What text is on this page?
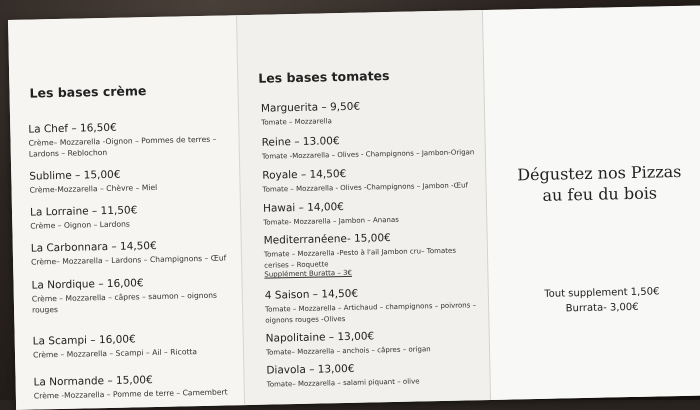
Les bases crème
La Chef – 16,50€
Crème– Mozzarella -Oignon – Pommes de terres – Lardons – Reblochon
Sublime – 15,00€
Crème-Mozzarella – Chèvre – Miel
La Lorraine – 11,50€
Crème – Oignon – Lardons
La Carbonnara – 14,50€
Crème– Mozzarella – Lardons – Champignons – Œuf
La Nordique – 16,00€
Crème – Mozzarella – câpres – saumon – oignons rouges
La Scampi – 16,00€
Crème – Mozzarella – Scampi – Ail – Ricotta
La Normande – 15,00€
Crème -Mozzarella – Pomme de terre – Camembert
Les bases tomates
Marguerita – 9,50€
Tomate – Mozzarella
Reine – 13.00€
Tomate -Mozzarella – Olives - Champignons – Jambon-Origan
Royale – 14,50€
Tomate – Mozzarella - Olives -Champignons – Jambon -Œuf
Hawai – 14,00€
Tomate- Mozzarella – Jambon – Ananas
Mediterranéene- 15,00€
Tomate – Mozzarella -Pesto à l'ail Jambon cru– Tomates cerises – Roquette
Supplément Buratta – 3€
4 Saison – 14,50€
Tomate – Mozzarella – Artichaud – champignons – poivrons – oignons rouges -Olives
Napolitaine – 13,00€
Tomate– Mozzarella – anchois – câpres – origan
Diavola – 13,00€
Tomate– Mozzarella – salami piquant – olive
Dégustez nos Pizzas
au feu du bois
Tout supplement 1,50€
Burrata- 3,00€
